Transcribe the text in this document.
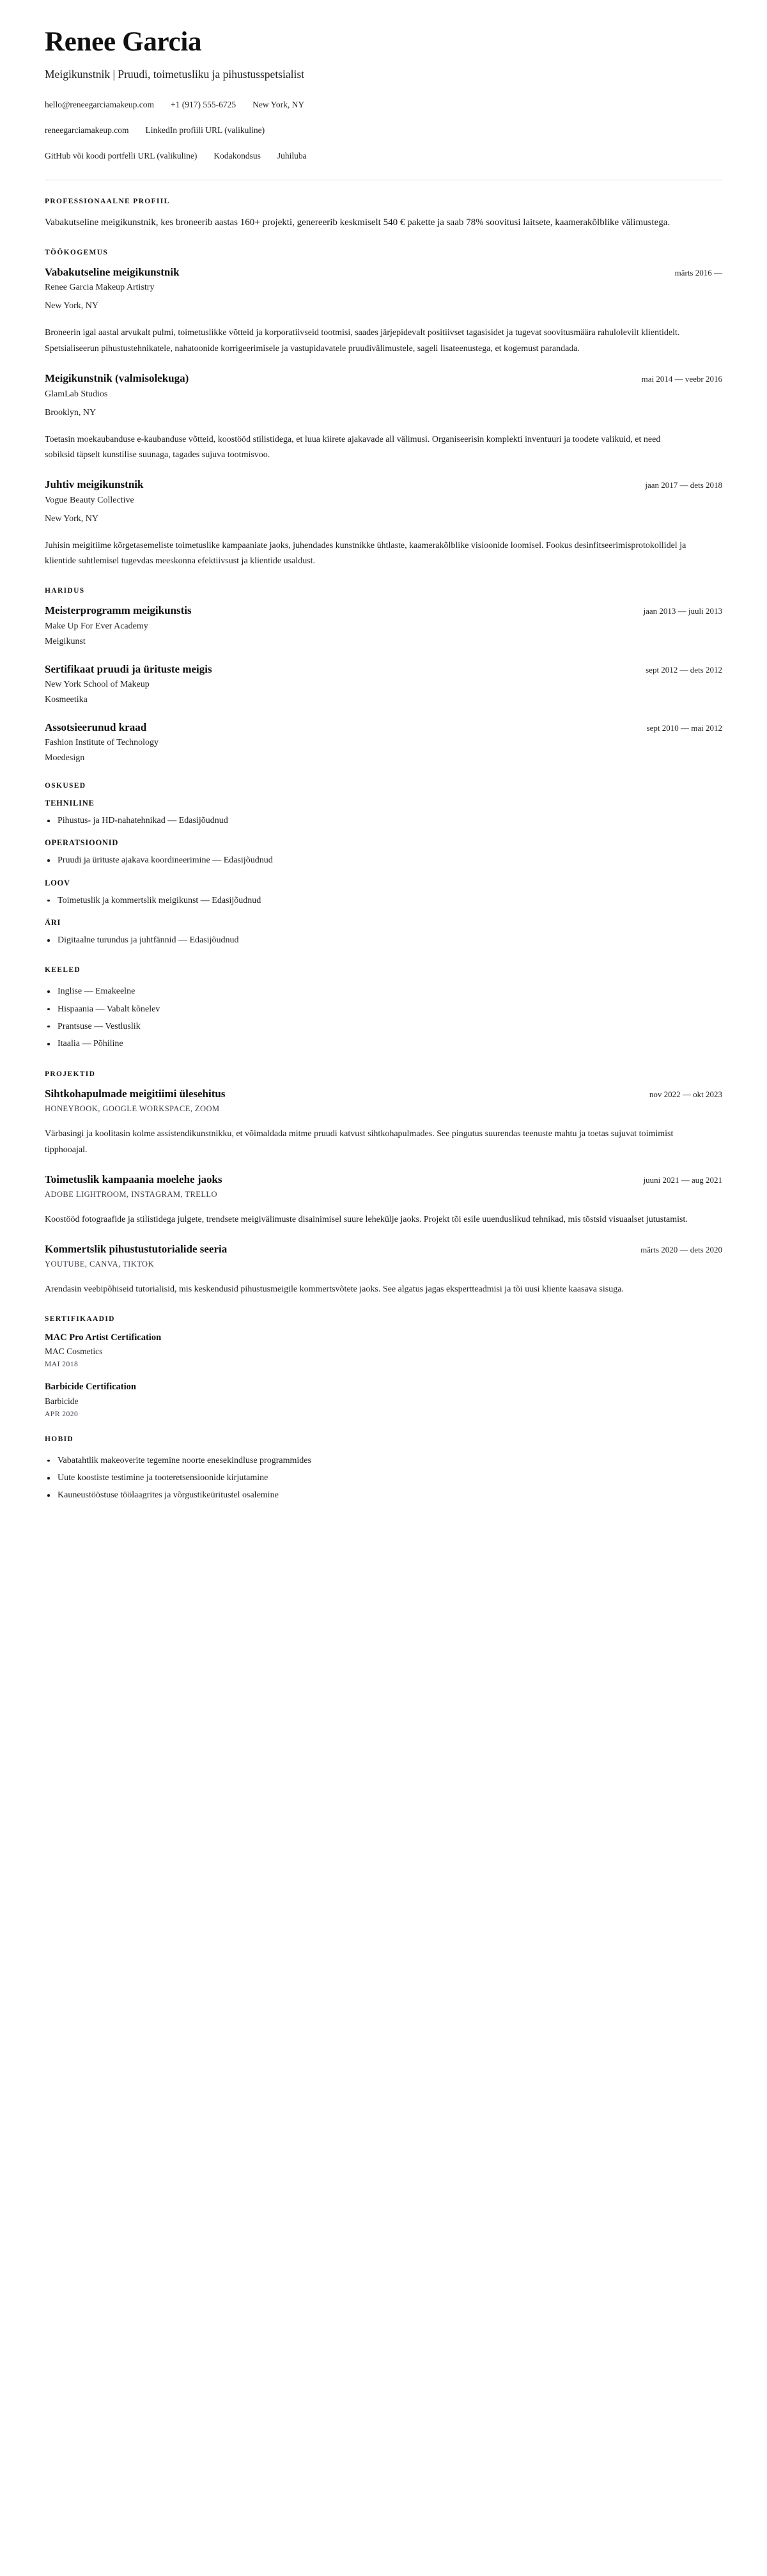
Renee Garcia
Meigikunstnik | Pruudi, toimetusliku ja pihustusspetsialist
hello@reneegarciamakeup.com +1 (917) 555-6725 New York, NY
reneegarciamakeup.com LinkedIn profiili URL (valikuline)
GitHub või koodi portfelli URL (valikuline) Kodakondsus Juhiluba
PROFESSIONAALNE PROFIIL

Vabakutseline meigikunstnik, kes broneerib aastas 160+ projekti, genereerib keskmiselt 540 € pakette ja saab 78% soovitusi laitsete, kaamerakõlblike välimustega.

TÖÖKOGEMUS
Vabakutseline meigikunstnik	märts 2016 —
Renee Garcia Makeup Artistry
New York, NY

Broneerin igal aastal arvukalt pulmi, toimetuslikke võtteid ja korporatiivseid tootmisi, saades järjepidevalt positiivset tagasisidet ja tugevat soovitusmäära rahulolevilt klientidelt. Spetsialiseerun pihustustehnikatele, nahatoonide korrigeerimisele ja vastupidavatele pruudivälimustele, sageli lisateenustega, et kogemust parandada.

Meigikunstnik (valmisolekuga)	mai 2014 — veebr 2016
GlamLab Studios
Brooklyn, NY

Toetasin moekaubanduse e-kaubanduse võtteid, koostööd stilistidega, et luua kiirete ajakavade all välimusi. Organiseerisin komplekti inventuuri ja toodete valikuid, et need sobiksid täpselt kunstilise suunaga, tagades sujuva tootmisvoo.

Juhtiv meigikunstnik	jaan 2017 — dets 2018
Vogue Beauty Collective
New York, NY

Juhisin meigitiime kõrgetasemeliste toimetuslike kampaaniate jaoks, juhendades kunstnikke ühtlaste, kaamerakõlblike visioonide loomisel. Fookus desinfitseerimisprotokollidel ja klientide suhtlemisel tugevdas meeskonna efektiivsust ja klientide usaldust.

HARIDUS
Meisterprogramm meigikunstis	jaan 2013 — juuli 2013
Make Up For Ever Academy
Meigikunst
Sertifikaat pruudi ja ürituste meigis	sept 2012 — dets 2012
New York School of Makeup
Kosmeetika
Assotsieerunud kraad	sept 2010 — mai 2012
Fashion Institute of Technology
Moedesign
OSKUSED
TEHNILINE
Pihustus- ja HD-nahatehnikad — Edasijõudnud
OPERATSIOONID
Pruudi ja ürituste ajakava koordineerimine — Edasijõudnud
LOOV
Toimetuslik ja kommertslik meigikunst — Edasijõudnud
ÄRI
Digitaalne turundus ja juhtfännid — Edasijõudnud
KEELED
Inglise — Emakeelne
Hispaania — Vabalt kõnelev
Prantsuse — Vestluslik
Itaalia — Põhiline
PROJEKTID
Sihtkohapulmade meigitiimi ülesehitus	nov 2022 — okt 2023
HONEYBOOK, GOOGLE WORKSPACE, ZOOM

Värbasingi ja koolitasin kolme assistendikunstnikku, et võimaldada mitme pruudi katvust sihtkohapulmades. See pingutus suurendas teenuste mahtu ja toetas sujuvat toimimist tipphooajal.

Toimetuslik kampaania moelehe jaoks	juuni 2021 — aug 2021
ADOBE LIGHTROOM, INSTAGRAM, TRELLO

Koostööd fotograafide ja stilistidega julgete, trendsete meigivälimuste disainimisel suure lehekülje jaoks. Projekt tõi esile uuenduslikud tehnikad, mis tõstsid visuaalset jutustamist.

Kommertslik pihustustutorialide seeria	märts 2020 — dets 2020
YOUTUBE, CANVA, TIKTOK

Arendasin veebipõhiseid tutorialisid, mis keskendusid pihustusmeigile kommertsvõtete jaoks. See algatus jagas ekspertteadmisi ja tõi uusi kliente kaasava sisuga.

SERTIFIKAADID
MAC Pro Artist Certification
MAC Cosmetics
MAI 2018
Barbicide Certification
Barbicide
APR 2020
HOBID
Vabatahtlik makeoverite tegemine noorte enesekindluse programmides
Uute koostiste testimine ja tooteretsensioonide kirjutamine
Kauneustööstuse töölaagrites ja võrgustikeüritustel osalemine
